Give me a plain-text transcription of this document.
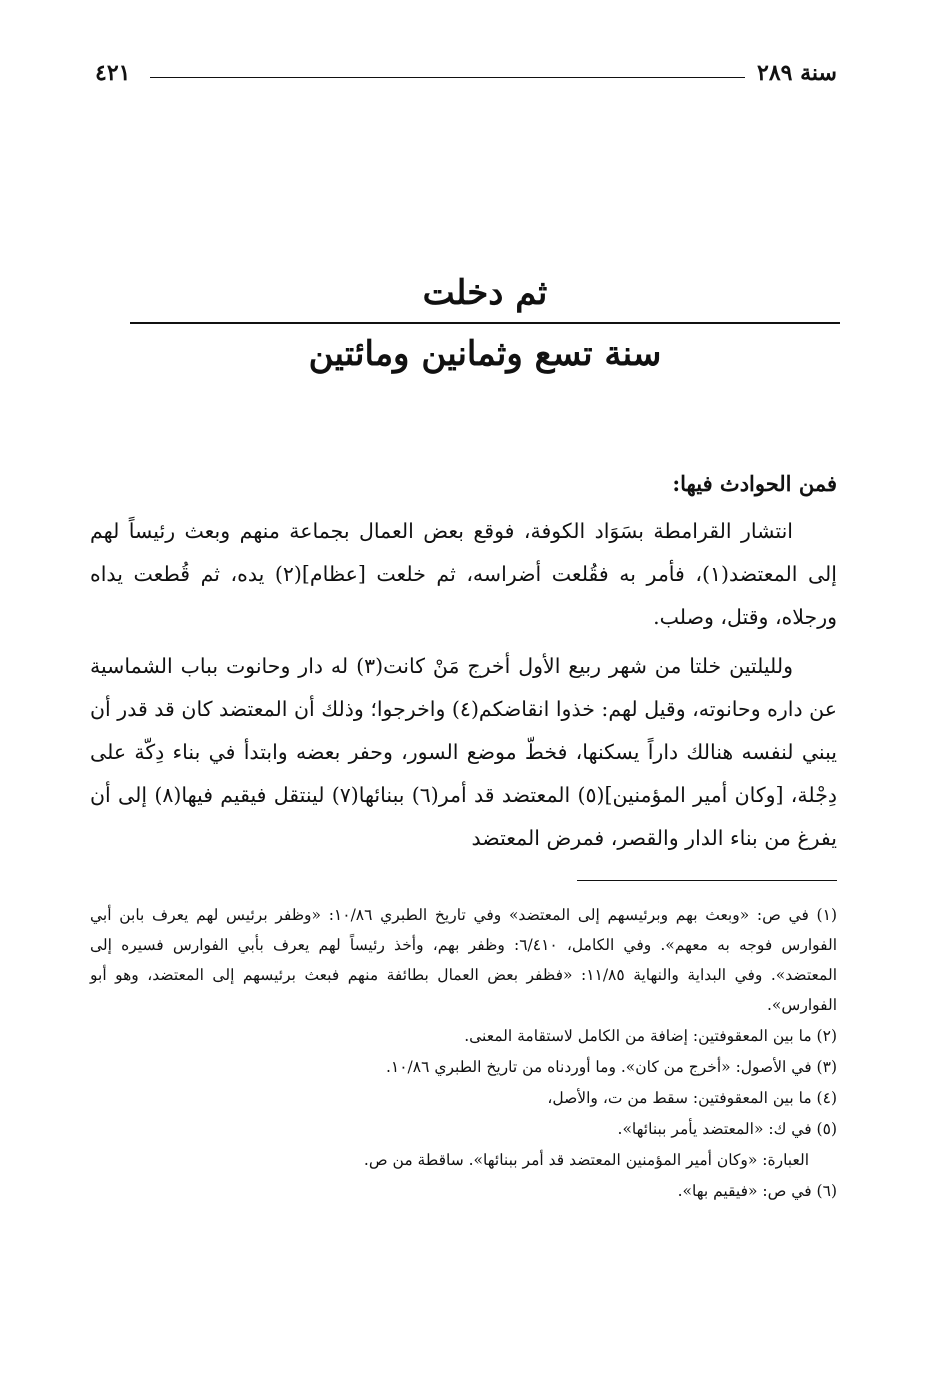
٤٢١	سنة ٢٨٩
ثم دخلت
سنة تسع وثمانين ومائتين
فمن الحوادث فيها:

انتشار القرامطة بسَوَاد الكوفة، فوقع بعض العمال بجماعة منهم وبعث رئيساً لهم إلى المعتضد(١)، فأمر به فقُلعت أضراسه، ثم خلعت [عظام](٢) يده، ثم قُطعت يداه ورجلاه، وقتل، وصلب.

ولليلتين خلتا من شهر ربيع الأول أخرج مَنْ كانت(٣) له دار وحانوت بباب الشماسية عن داره وحانوته، وقيل لهم: خذوا انقاضكم(٤) واخرجوا؛ وذلك أن المعتضد كان قد قدر أن يبني لنفسه هنالك داراً يسكنها، فخطّ موضع السور، وحفر بعضه وابتدأ في بناء دِكّة على دِجْلة، [وكان أمير المؤمنين](٥) المعتضد قد أمر(٦) ببنائها(٧) لينتقل فيقيم فيها(٨) إلى أن يفرغ من بناء الدار والقصر، فمرض المعتضد

(١) في ص: «وبعث بهم وبرئيسهم إلى المعتضد» وفي تاريخ الطبري ١٠/٨٦: «وظفر برئيس لهم يعرف بابن أبي الفوارس فوجه به معهم». وفي الكامل، ٦/٤١٠: وظفر بهم، وأخذ رئيساً لهم يعرف بأبي الفوارس فسيره إلى المعتضد». وفي البداية والنهاية ١١/٨٥: «فظفر بعض العمال بطائفة منهم فبعث برئيسهم إلى المعتضد، وهو أبو الفوارس».

(٢) ما بين المعقوفتين: إضافة من الكامل لاستقامة المعنى.

(٣) في الأصول: «أخرج من كان». وما أوردناه من تاريخ الطبري ١٠/٨٦.

(٤) ما بين المعقوفتين: سقط من ت، والأصل،

(٥) في ك: «المعتضد يأمر ببنائها».

العبارة: «وكان أمير المؤمنين المعتضد قد أمر ببنائها». ساقطة من ص.

(٦) في ص: «فيقيم بها».
